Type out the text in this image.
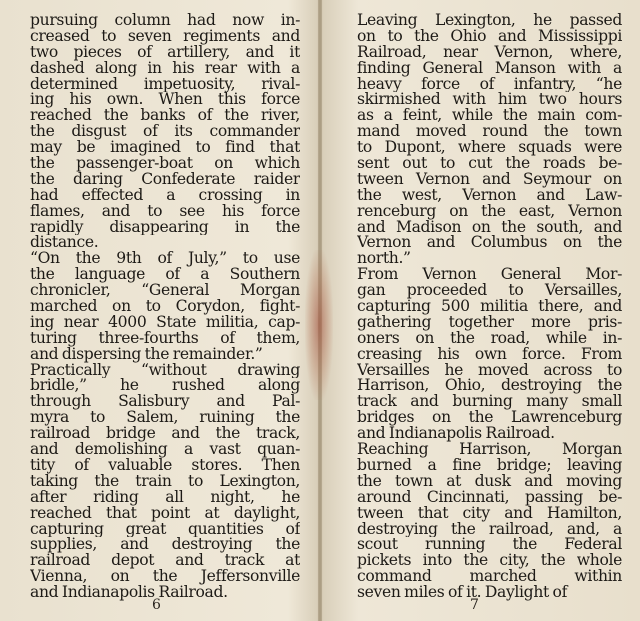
pursuing column had now in-
creased to seven regiments and
two pieces of artillery, and it
dashed along in his rear with a
determined impetuosity, rival-
ing his own. When this force
reached the banks of the river,
the disgust of its commander
may be imagined to find that
the passenger-boat on which
the daring Confederate raider
had effected a crossing in
flames, and to see his force
rapidly disappearing in the
distance.
“On the 9th of July,” to use
the language of a Southern
chronicler, “General Morgan
marched on to Corydon, fight-
ing near 4000 State militia, cap-
turing three-fourths of them,
and dispersing the remainder.”
Practically “without drawing
bridle,” he rushed along
through Salisbury and Pal-
myra to Salem, ruining the
railroad bridge and the track,
and demolishing a vast quan-
tity of valuable stores. Then
taking the train to Lexington,
after riding all night, he
reached that point at daylight,
capturing great quantities of
supplies, and destroying the
railroad depot and track at
Vienna, on the Jeffersonville
and Indianapolis Railroad.
6
Leaving Lexington, he passed
on to the Ohio and Mississippi
Railroad, near Vernon, where,
finding General Manson with a
heavy force of infantry, “he
skirmished with him two hours
as a feint, while the main com-
mand moved round the town
to Dupont, where squads were
sent out to cut the roads be-
tween Vernon and Seymour on
the west, Vernon and Law-
renceburg on the east, Vernon
and Madison on the south, and
Vernon and Columbus on the
north.”
From Vernon General Mor-
gan proceeded to Versailles,
capturing 500 militia there, and
gathering together more pris-
oners on the road, while in-
creasing his own force. From
Versailles he moved across to
Harrison, Ohio, destroying the
track and burning many small
bridges on the Lawrenceburg
and Indianapolis Railroad.
Reaching Harrison, Morgan
burned a fine bridge; leaving
the town at dusk and moving
around Cincinnati, passing be-
tween that city and Hamilton,
destroying the railroad, and, a
scout running the Federal
pickets into the city, the whole
command marched within
seven miles of it. Daylight of
7
